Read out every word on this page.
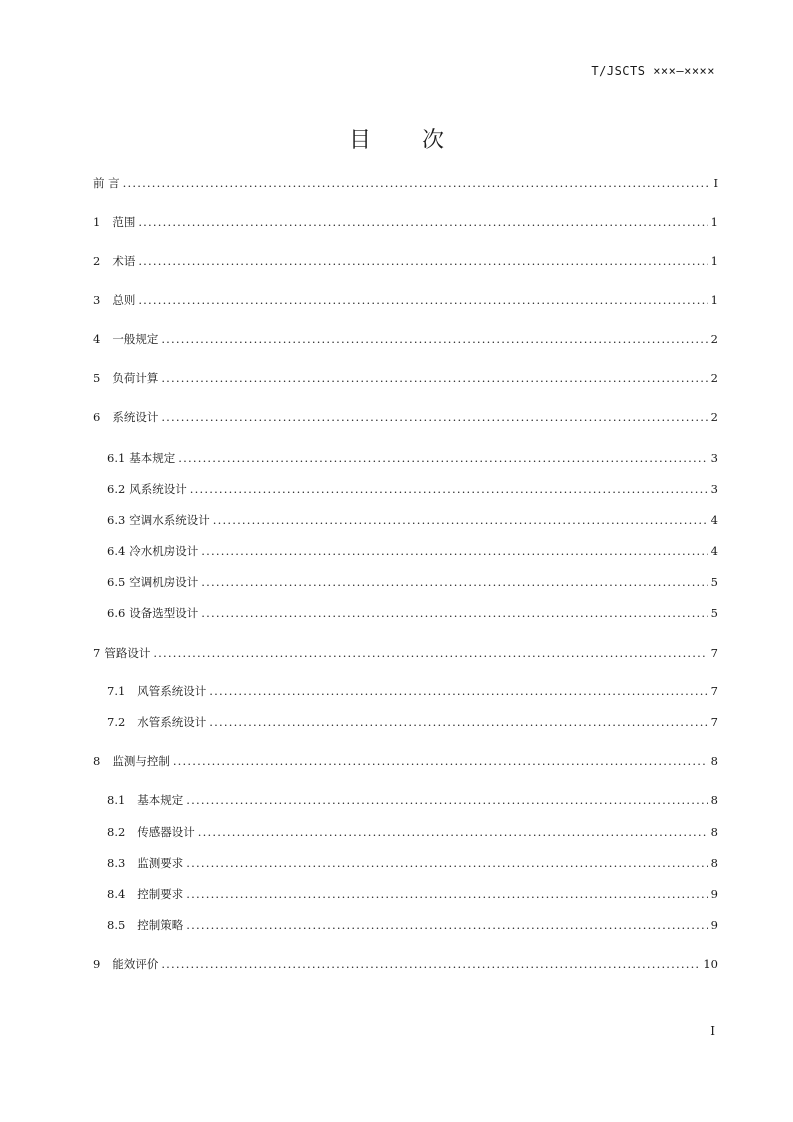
T/JSCTS ×××—××××
目 次
前 言 .....	I
1 范围 .....	1
2 术语 .....	1
3 总则 .....	1
4 一般规定 .....	2
5 负荷计算 .....	2
6 系统设计 .....	2
6.1 基本规定 .....	3
6.2 风系统设计 .....	3
6.3 空调水系统设计 .....	4
6.4 冷水机房设计 .....	4
6.5 空调机房设计 .....	5
6.6 设备选型设计 .....	5
7 管路设计 .....	7
7.1 风管系统设计 .....	7
7.2 水管系统设计 .....	7
8 监测与控制 .....	8
8.1 基本规定 .....	8
8.2 传感器设计 .....	8
8.3 监测要求 .....	8
8.4 控制要求 .....	9
8.5 控制策略 .....	9
9 能效评价 .....	10
I
